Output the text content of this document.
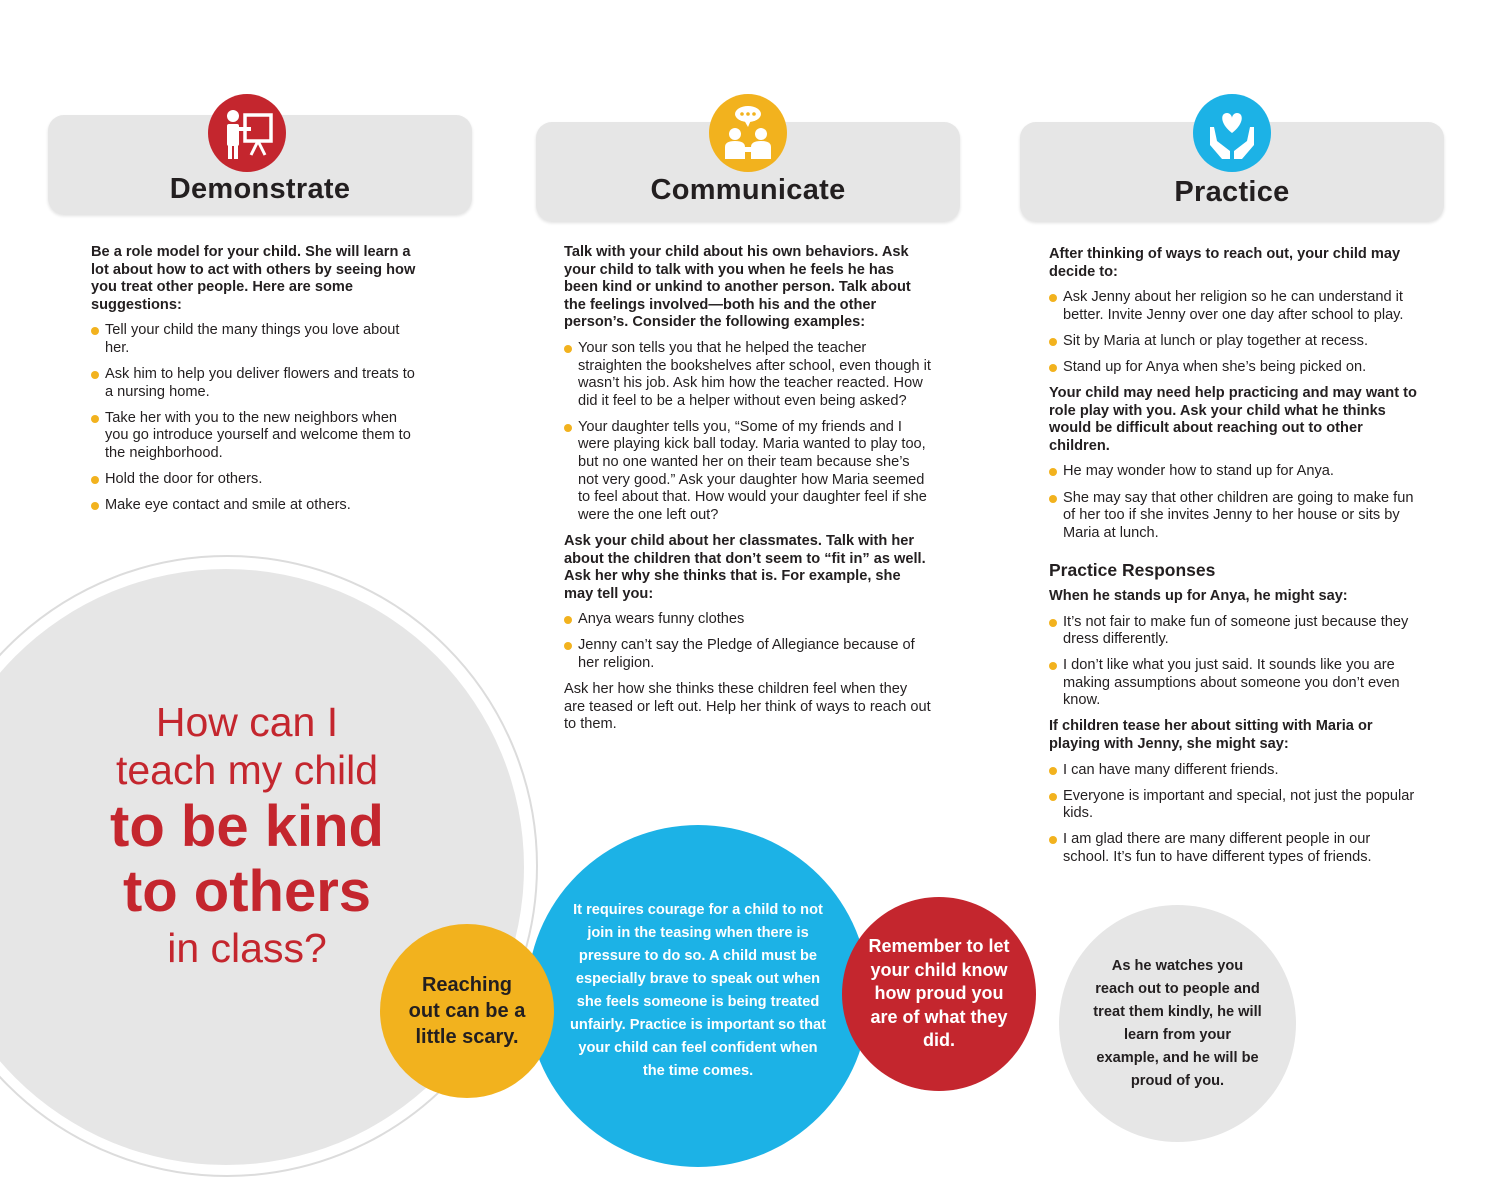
Demonstrate	Communicate	Practice

Be a role model for your child. She will learn a lot about how to act with others by seeing how you treat other people. Here are some suggestions:

Tell your child the many things you love about her.
Ask him to help you deliver flowers and treats to a nursing home.
Take her with you to the new neighbors when you go introduce yourself and welcome them to the neighborhood.
Hold the door for others.
Make eye contact and smile at others.

Talk with your child about his own behaviors. Ask your child to talk with you when he feels he has been kind or unkind to another person. Talk about the feelings involved—both his and the other person’s. Consider the following examples:

Your son tells you that he helped the teacher straighten the bookshelves after school, even though it wasn’t his job. Ask him how the teacher reacted. How did it feel to be a helper without even being asked?
Your daughter tells you, “Some of my friends and I were playing kick ball today. Maria wanted to play too, but no one wanted her on their team because she’s not very good.” Ask your daughter how Maria seemed to feel about that. How would your daughter feel if she were the one left out?

Ask your child about her classmates. Talk with her about the children that don’t seem to “fit in” as well. Ask her why she thinks that is. For example, she may tell you:

Anya wears funny clothes
Jenny can’t say the Pledge of Allegiance because of her religion.

Ask her how she thinks these children feel when they are teased or left out. Help her think of ways to reach out to them.

After thinking of ways to reach out, your child may decide to:

Ask Jenny about her religion so he can understand it better. Invite Jenny over one day after school to play.
Sit by Maria at lunch or play together at recess.
Stand up for Anya when she’s being picked on.

Your child may need help practicing and may want to role play with you. Ask your child what he thinks would be difficult about reaching out to other children.

He may wonder how to stand up for Anya.
She may say that other children are going to make fun of her too if she invites Jenny to her house or sits by Maria at lunch.
Practice Responses

When he stands up for Anya, he might say:

It’s not fair to make fun of someone just because they dress differently.
I don’t like what you just said. It sounds like you are making assumptions about someone you don’t even know.

If children tease her about sitting with Maria or playing with Jenny, she might say:

I can have many different friends.
Everyone is important and special, not just the popular kids.
I am glad there are many different people in our school. It’s fun to have different types of friends.
How can I
teach my child
to be kind
to others
in class?
It requires courage for a child to not join in the teasing when there is pressure to do so. A child must be especially brave to speak out when she feels someone is being treated unfairly. Practice is important so that your child can feel confident when the time comes.
Reaching out can be a little scary.
Remember to let your child know how proud you are of what they did.
As he watches you reach out to people and treat them kindly, he will learn from your example, and he will be proud of you.
